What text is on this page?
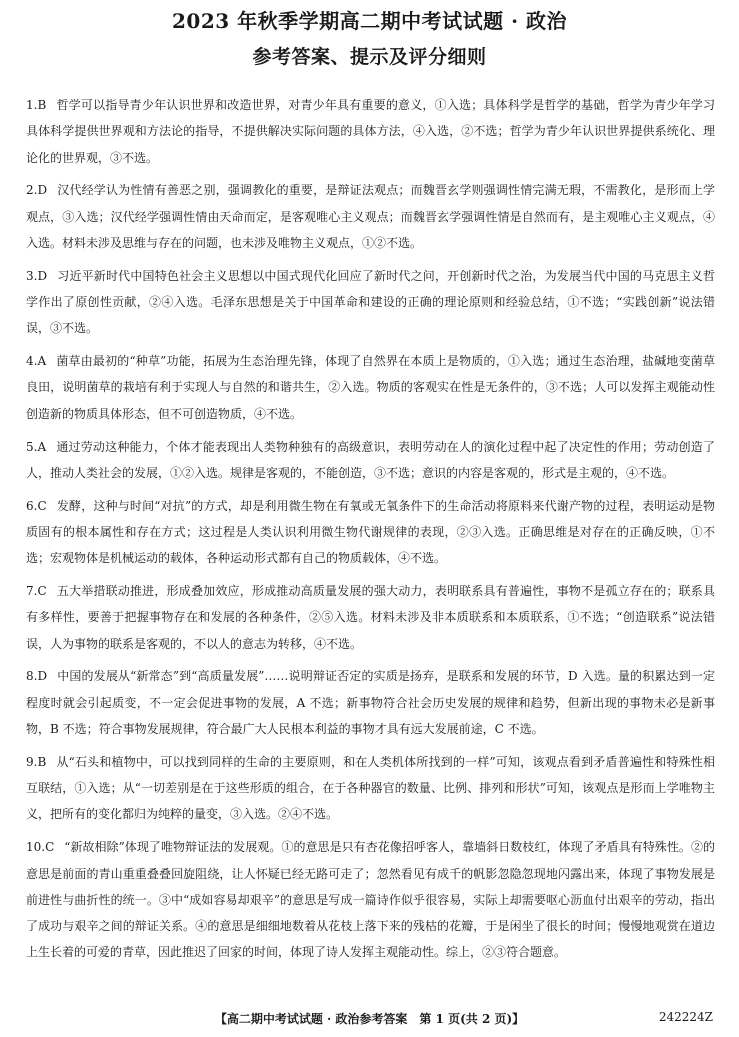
2023 年秋季学期高二期中考试试题 · 政治
参考答案、提示及评分细则
1.B 哲学可以指导青少年认识世界和改造世界，对青少年具有重要的意义，①入选；具体科学是哲学的基础，哲学为青少年学习具体科学提供世界观和方法论的指导，不提供解决实际问题的具体方法，④入选，②不选；哲学为青少年认识世界提供系统化、理论化的世界观，③不选。
2.D 汉代经学认为性情有善恶之别，强调教化的重要，是辩证法观点；而魏晋玄学则强调性情完满无瑕，不需教化，是形而上学观点，③入选；汉代经学强调性情由天命而定，是客观唯心主义观点；而魏晋玄学强调性情是自然而有，是主观唯心主义观点，④入选。材料未涉及思维与存在的问题，也未涉及唯物主义观点，①②不选。
3.D 习近平新时代中国特色社会主义思想以中国式现代化回应了新时代之问，开创新时代之治，为发展当代中国的马克思主义哲学作出了原创性贡献，②④入选。毛泽东思想是关于中国革命和建设的正确的理论原则和经验总结，①不选；“实践创新”说法错误，③不选。
4.A 菌草由最初的“种草”功能，拓展为生态治理先锋，体现了自然界在本质上是物质的，①入选；通过生态治理，盐碱地变菌草良田，说明菌草的栽培有利于实现人与自然的和谐共生，②入选。物质的客观实在性是无条件的，③不选；人可以发挥主观能动性创造新的物质具体形态，但不可创造物质，④不选。
5.A 通过劳动这种能力，个体才能表现出人类物种独有的高级意识，表明劳动在人的演化过程中起了决定性的作用；劳动创造了人，推动人类社会的发展，①②入选。规律是客观的，不能创造，③不选；意识的内容是客观的，形式是主观的，④不选。
6.C 发酵，这种与时间“对抗”的方式，却是利用微生物在有氧或无氧条件下的生命活动将原料来代谢产物的过程，表明运动是物质固有的根本属性和存在方式；这过程是人类认识利用微生物代谢规律的表现，②③入选。正确思维是对存在的正确反映，①不选；宏观物体是机械运动的载体，各种运动形式都有自己的物质载体，④不选。
7.C 五大举措联动推进，形成叠加效应，形成推动高质量发展的强大动力，表明联系具有普遍性，事物不是孤立存在的；联系具有多样性，要善于把握事物存在和发展的各种条件，②⑤入选。材料未涉及非本质联系和本质联系，①不选；“创造联系”说法错误，人为事物的联系是客观的，不以人的意志为转移，④不选。
8.D 中国的发展从“新常态”到“高质量发展”……说明辩证否定的实质是扬弃，是联系和发展的环节，D 入选。量的积累达到一定程度时就会引起质变，不一定会促进事物的发展，A 不选；新事物符合社会历史发展的规律和趋势，但新出现的事物未必是新事物，B 不选；符合事物发展规律，符合最广大人民根本利益的事物才具有远大发展前途，C 不选。
9.B 从“石头和植物中，可以找到同样的生命的主要原则，和在人类机体所找到的一样”可知，该观点看到矛盾普遍性和特殊性相互联结，①入选；从“一切差别是在于这些形质的组合，在于各种器官的数量、比例、排列和形状”可知，该观点是形而上学唯物主义，把所有的变化都归为纯粹的量变，③入选。②④不选。
10.C “新故相除”体现了唯物辩证法的发展观。①的意思是只有杏花像招呼客人，靠墙斜日数枝红，体现了矛盾具有特殊性。②的意思是前面的青山重重叠叠回旋阻绕，让人怀疑已经无路可走了；忽然看见有成千的帆影忽隐忽现地闪露出来，体现了事物发展是前进性与曲折性的统一。③中“成如容易却艰辛”的意思是写成一篇诗作似乎很容易，实际上却需要呕心沥血付出艰辛的劳动，指出了成功与艰辛之间的辩证关系。④的意思是细细地数着从花枝上落下来的残枯的花瓣，于是闲坐了很长的时间；慢慢地观赏在道边上生长着的可爱的青草，因此推迟了回家的时间，体现了诗人发挥主观能动性。综上，②③符合题意。
【高二期中考试试题 · 政治参考答案　第 1 页(共 2 页)】	242224Z
